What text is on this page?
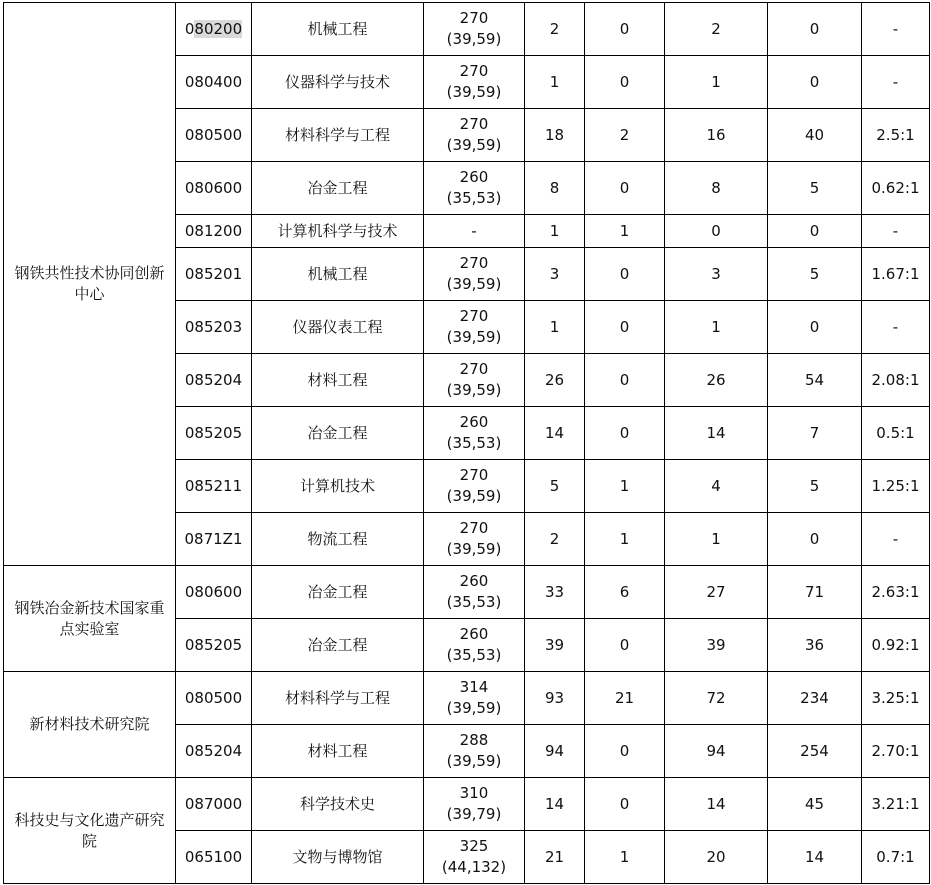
钢铁共性技术协同创新中心	080200	机械工程	270
(39,59)	2	0	2	0	-
	080400	仪器科学与技术	270
(39,59)	1	0	1	0	-
	080500	材料科学与工程	270
(39,59)	18	2	16	40	2.5:1
	080600	冶金工程	260
(35,53)	8	0	8	5	0.62:1
	081200	计算机科学与技术	-	1	1	0	0	-
	085201	机械工程	270
(39,59)	3	0	3	5	1.67:1
	085203	仪器仪表工程	270
(39,59)	1	0	1	0	-
	085204	材料工程	270
(39,59)	26	0	26	54	2.08:1
	085205	冶金工程	260
(35,53)	14	0	14	7	0.5:1
	085211	计算机技术	270
(39,59)	5	1	4	5	1.25:1
	0871Z1	物流工程	270
(39,59)	2	1	1	0	-
钢铁冶金新技术国家重点实验室	080600	冶金工程	260
(35,53)	33	6	27	71	2.63:1
	085205	冶金工程	260
(35,53)	39	0	39	36	0.92:1
新材料技术研究院	080500	材料科学与工程	314
(39,59)	93	21	72	234	3.25:1
	085204	材料工程	288
(39,59)	94	0	94	254	2.70:1
科技史与文化遗产研究院	087000	科学技术史	310
(39,79)	14	0	14	45	3.21:1
	065100	文物与博物馆	325
(44,132)	21	1	20	14	0.7:1
